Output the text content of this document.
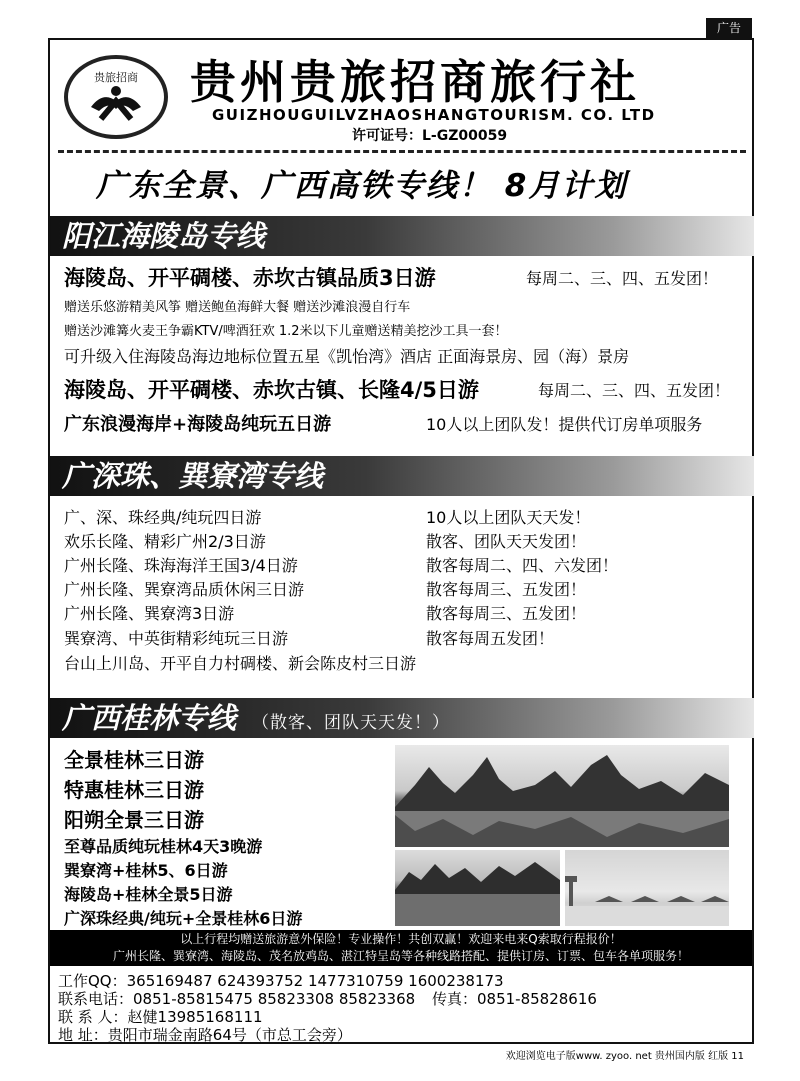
广告
贵旅招商 贵州贵旅招商旅行社
GUIZHOUGUILVZHAOSHANGTOURISM. CO. LTD
许可证号：L-GZ00059
广东全景、广西高铁专线！ 8月计划
阳江海陵岛专线
海陵岛、开平碉楼、赤坎古镇品质3日游	每周二、三、四、五发团！
赠送乐悠游精美风筝 赠送鲍鱼海鲜大餐 赠送沙滩浪漫自行车
赠送沙滩篝火麦王争霸KTV/啤酒狂欢 1.2米以下儿童赠送精美挖沙工具一套！
可升级入住海陵岛海边地标位置五星《凯怡湾》酒店 正面海景房、园（海）景房
海陵岛、开平碉楼、赤坎古镇、长隆4/5日游	每周二、三、四、五发团！
广东浪漫海岸+海陵岛纯玩五日游	10人以上团队发！提供代订房单项服务
广深珠、巽寮湾专线
广、深、珠经典/纯玩四日游	10人以上团队天天发！
欢乐长隆、精彩广州2/3日游	散客、团队天天发团！
广州长隆、珠海海洋王国3/4日游	散客每周二、四、六发团！
广州长隆、巽寮湾品质休闲三日游	散客每周三、五发团！
广州长隆、巽寮湾3日游	散客每周三、五发团！
巽寮湾、中英街精彩纯玩三日游	散客每周五发团！
台山上川岛、开平自力村碉楼、新会陈皮村三日游
广西桂林专线 （散客、团队天天发！）
全景桂林三日游
特惠桂林三日游
阳朔全景三日游
至尊品质纯玩桂林4天3晚游
巽寮湾+桂林5、6日游
海陵岛+桂林全景5日游
广深珠经典/纯玩+全景桂林6日游
以上行程均赠送旅游意外保险！专业操作！共创双赢！欢迎来电来Q索取行程报价！
广州长隆、巽寮湾、海陵岛、茂名放鸡岛、湛江特呈岛等各种线路搭配、提供订房、订票、包车各单项服务！
工作QQ：365169487 624393752 1477310759 1600238173
联系电话：0851-85815475 85823308 85823368 传真：0851-85828616
联 系 人：赵健13985168111
地 址：贵阳市瑞金南路64号（市总工会旁）
欢迎浏览电子版www. zyoo. net 贵州国内版 红版 11
